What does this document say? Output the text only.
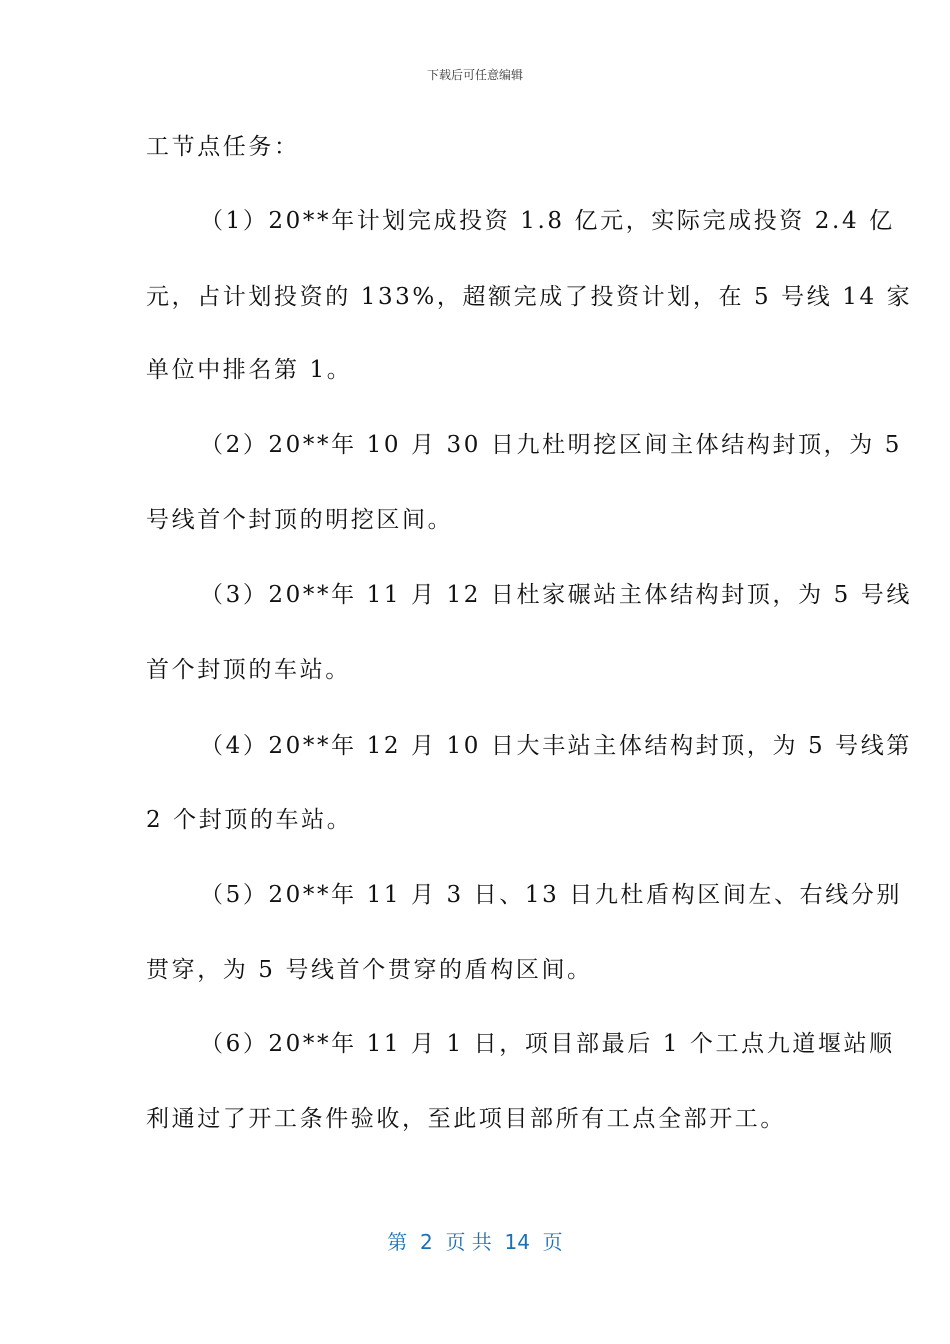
下载后可任意编辑
工节点任务：
（1）20**年计划完成投资 1.8 亿元，实际完成投资 2.4 亿
元，占计划投资的 133%，超额完成了投资计划，在 5 号线 14 家
单位中排名第 1。
（2）20**年 10 月 30 日九杜明挖区间主体结构封顶，为 5
号线首个封顶的明挖区间。
（3）20**年 11 月 12 日杜家碾站主体结构封顶，为 5 号线
首个封顶的车站。
（4）20**年 12 月 10 日大丰站主体结构封顶，为 5 号线第
2 个封顶的车站。
（5）20**年 11 月 3 日、13 日九杜盾构区间左、右线分别
贯穿，为 5 号线首个贯穿的盾构区间。
（6）20**年 11 月 1 日，项目部最后 1 个工点九道堰站顺
利通过了开工条件验收，至此项目部所有工点全部开工。
第  2  页 共  14  页
